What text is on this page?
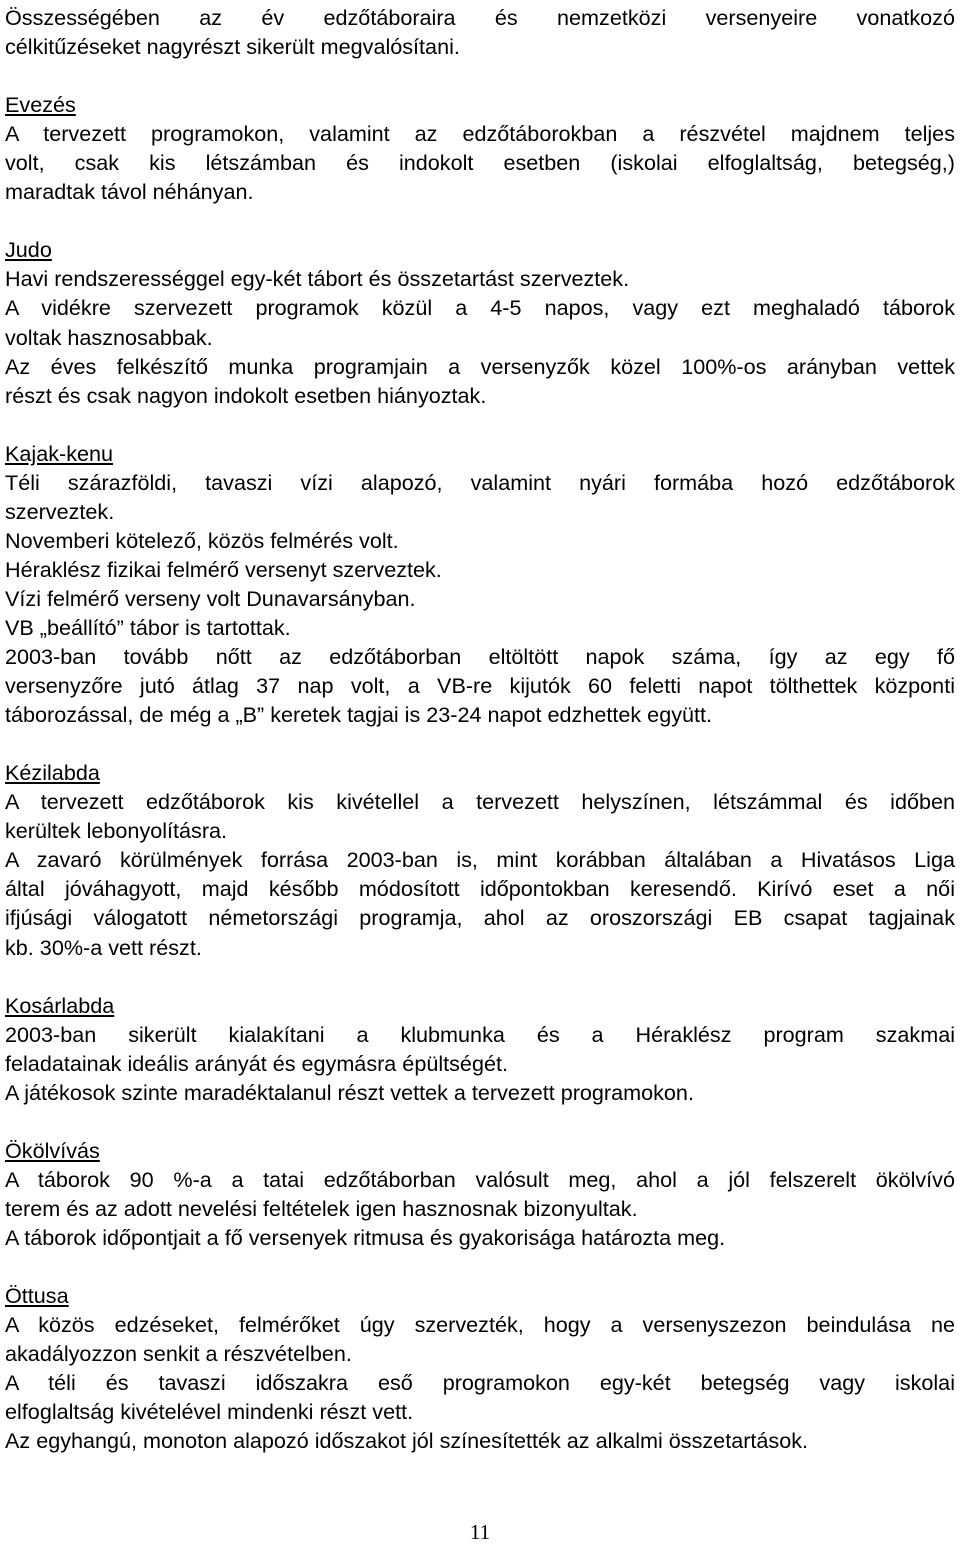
Összességében az év edzőtáboraira és nemzetközi versenyeire vonatkozó

célkitűzéseket nagyrészt sikerült megvalósítani.

Evezés

A tervezett programokon, valamint az edzőtáborokban a részvétel majdnem teljes

volt, csak kis létszámban és indokolt esetben (iskolai elfoglaltság, betegség,)

maradtak távol néhányan.

Judo

Havi rendszerességgel egy-két tábort és összetartást szerveztek.

A vidékre szervezett programok közül a 4-5 napos, vagy ezt meghaladó táborok

voltak hasznosabbak.

Az éves felkészítő munka programjain a versenyzők közel 100%-os arányban vettek

részt és csak nagyon indokolt esetben hiányoztak.

Kajak-kenu

Téli szárazföldi, tavaszi vízi alapozó, valamint nyári formába hozó edzőtáborok

szerveztek.

Novemberi kötelező, közös felmérés volt.

Héraklész fizikai felmérő versenyt szerveztek.

Vízi felmérő verseny volt Dunavarsányban.

VB „beállító” tábor is tartottak.

2003-ban tovább nőtt az edzőtáborban eltöltött napok száma, így az egy fő

versenyzőre jutó átlag 37 nap volt, a VB-re kijutók 60 feletti napot tölthettek központi

táborozással, de még a „B” keretek tagjai is 23-24 napot edzhettek együtt.

Kézilabda

A tervezett edzőtáborok kis kivétellel a tervezett helyszínen, létszámmal és időben

kerültek lebonyolításra.

A zavaró körülmények forrása 2003-ban is, mint korábban általában a Hivatásos Liga

által jóváhagyott, majd később módosított időpontokban keresendő. Kirívó eset a női

ifjúsági válogatott németországi programja, ahol az oroszországi EB csapat tagjainak

kb. 30%-a vett részt.

Kosárlabda

2003-ban sikerült kialakítani a klubmunka és a Héraklész program szakmai

feladatainak ideális arányát és egymásra épültségét.

A játékosok szinte maradéktalanul részt vettek a tervezett programokon.

Ökölvívás

A táborok 90 %-a a tatai edzőtáborban valósult meg, ahol a jól felszerelt ökölvívó

terem és az adott nevelési feltételek igen hasznosnak bizonyultak.

A táborok időpontjait a fő versenyek ritmusa és gyakorisága határozta meg.

Öttusa

A közös edzéseket, felmérőket úgy szervezték, hogy a versenyszezon beindulása ne

akadályozzon senkit a részvételben.

A téli és tavaszi időszakra eső programokon egy-két betegség vagy iskolai

elfoglaltság kivételével mindenki részt vett.

Az egyhangú, monoton alapozó időszakot jól színesítették az alkalmi összetartások.

11
